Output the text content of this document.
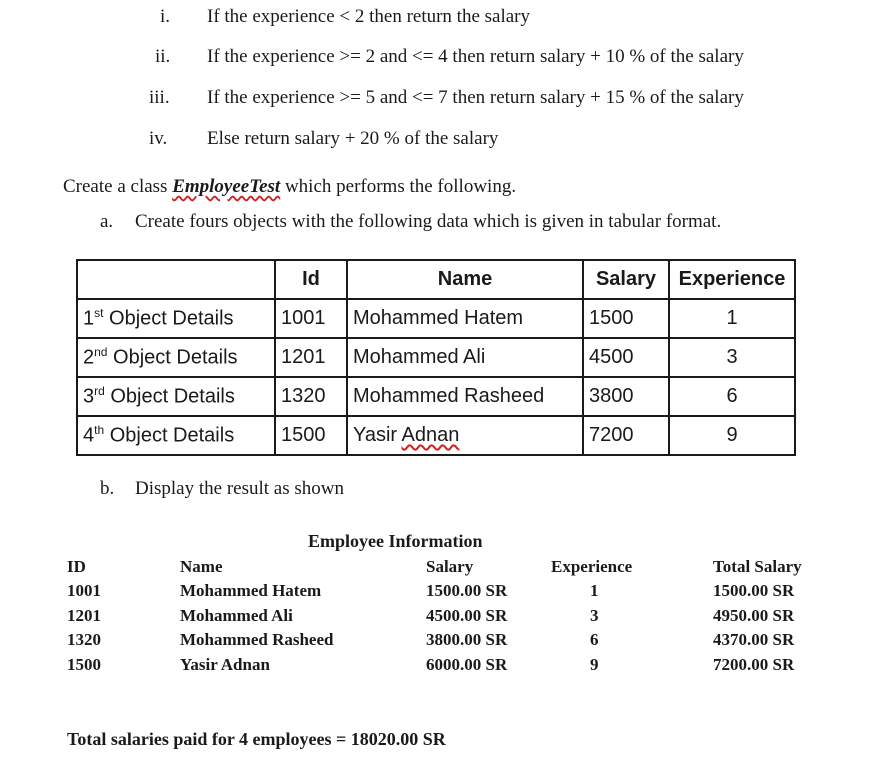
i. If the experience < 2 then return the salary
ii. If the experience >= 2 and <= 4 then return salary + 10 % of the salary
iii. If the experience >= 5 and <= 7 then return salary + 15 % of the salary
iv. Else return salary + 20 % of the salary
Create a class EmployeeTest which performs the following.
a. Create fours objects with the following data which is given in tabular format.
	Id	Name	Salary	Experience
1st Object Details	1001	Mohammed Hatem	1500	1
2nd Object Details	1201	Mohammed Ali	4500	3
3rd Object Details	1320	Mohammed Rasheed	3800	6
4th Object Details	1500	Yasir Adnan	7200	9
b. Display the result as shown
Employee Information
ID	Name	Salary	Experience	Total Salary
1001	Mohammed Hatem	1500.00 SR	1	1500.00 SR
1201	Mohammed Ali	4500.00 SR	3	4950.00 SR
1320	Mohammed Rasheed	3800.00 SR	6	4370.00 SR
1500	Yasir Adnan	6000.00 SR	9	7200.00 SR
Total salaries paid for 4 employees = 18020.00 SR
